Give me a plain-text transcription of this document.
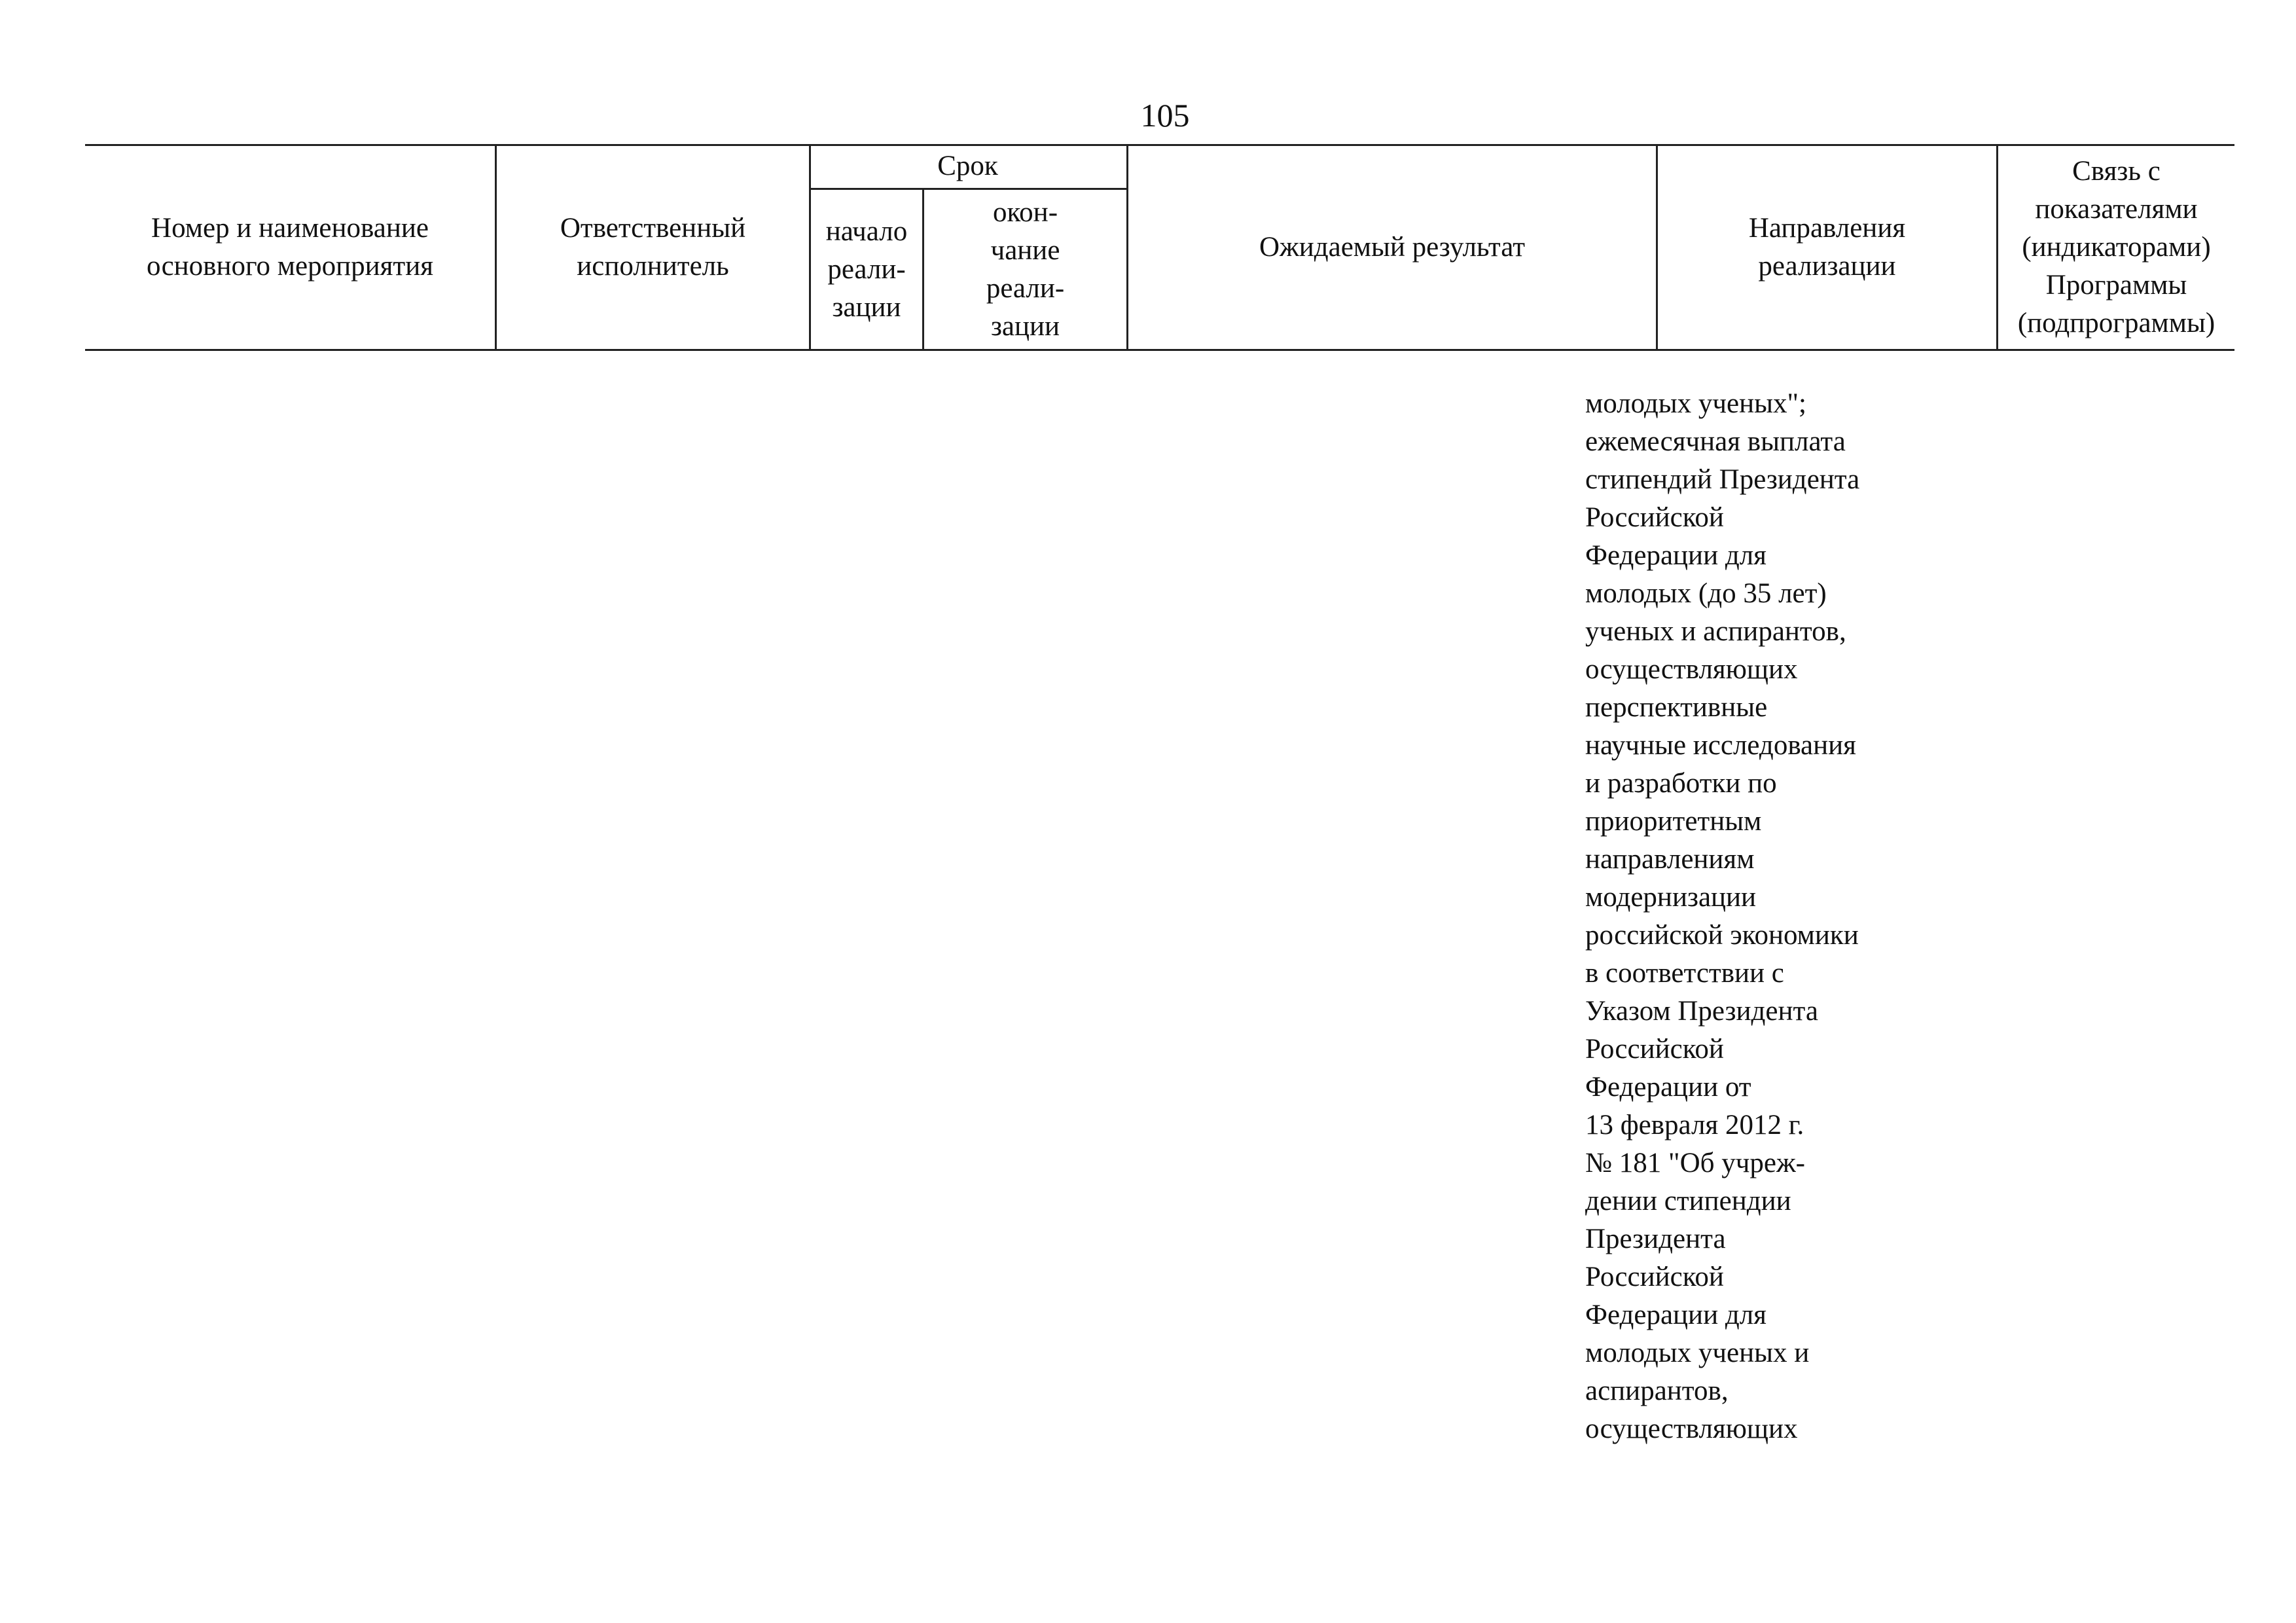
105
Номер и наименование
основного мероприятия
Ответственный
исполнитель
Срок
начало
реали-
зации
окон-
чание
реали-
зации
Ожидаемый результат
Направления
реализации
Связь с
показателями
(индикаторами)
Программы
(подпрограммы)
молодых ученых";
ежемесячная выплата
стипендий Президента
Российской
Федерации для
молодых (до 35 лет)
ученых и аспирантов,
осуществляющих
перспективные
научные исследования
и разработки по
приоритетным
направлениям
модернизации
российской экономики
в соответствии с
Указом Президента
Российской
Федерации от
13 февраля 2012 г.
№ 181 "Об учреж-
дении стипендии
Президента
Российской
Федерации для
молодых ученых и
аспирантов,
осуществляющих
